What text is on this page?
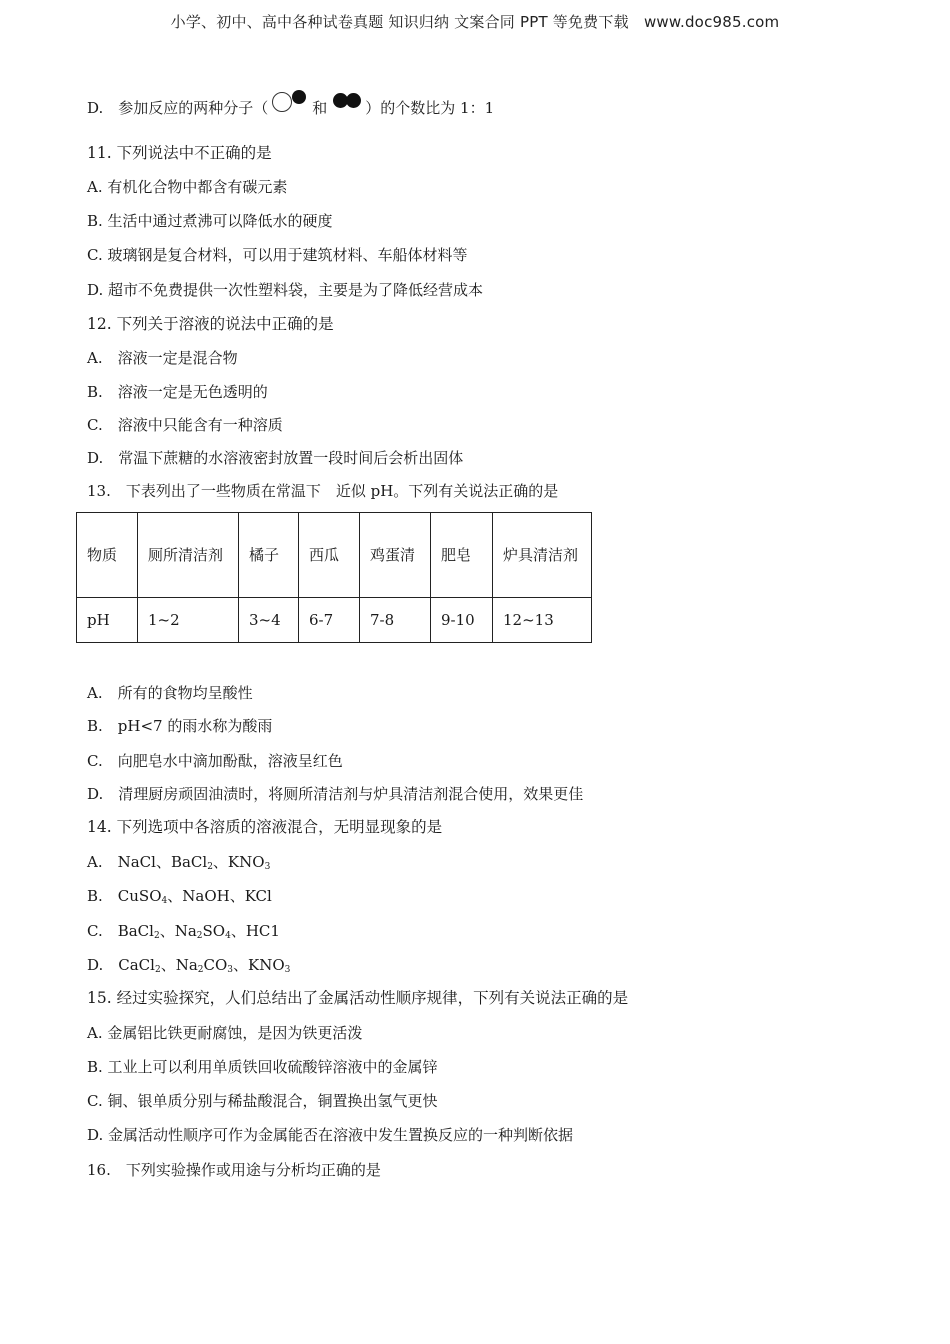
小学、初中、高中各种试卷真题 知识归纳 文案合同 PPT 等免费下载　www.doc985.com
D.　参加反应的两种分子（	和	）的个数比为 1：1
11. 下列说法中不正确的是
A. 有机化合物中都含有碳元素
B. 生活中通过煮沸可以降低水的硬度
C. 玻璃钢是复合材料，可以用于建筑材料、车船体材料等
D. 超市不免费提供一次性塑料袋，主要是为了降低经营成本
12. 下列关于溶液的说法中正确的是
A.　溶液一定是混合物
B.　溶液一定是无色透明的
C.　溶液中只能含有一种溶质
D.　常温下蔗糖的水溶液密封放置一段时间后会析出固体
13.　下表列出了一些物质在常温下　近似 pH。下列有关说法正确的是
物质	厕所清洁剂	橘子	西瓜	鸡蛋清	肥皂	炉具清洁剂
pH	1~2	3~4	6-7	7-8	9-10	12~13
A.　所有的食物均呈酸性
B.　pH<7 的雨水称为酸雨
C.　向肥皂水中滴加酚酞，溶液呈红色
D.　清理厨房顽固油渍时，将厕所清洁剂与炉具清洁剂混合使用，效果更佳
14. 下列选项中各溶质的溶液混合，无明显现象的是
A.　NaCl、BaCl$_2$、$KNO_3$
B.　CuSO$_4$、NaOH、KCl
C.　BaCl$_2$、$Na_2SO_4$、HC1
D.　CaCl$_2$、$Na_2CO_3$、$KNO_3$
15. 经过实验探究，人们总结出了金属活动性顺序规律，下列有关说法正确的是
A. 金属铝比铁更耐腐蚀，是因为铁更活泼
B. 工业上可以利用单质铁回收硫酸锌溶液中的金属锌
C. 铜、银单质分别与稀盐酸混合，铜置换出氢气更快
D. 金属活动性顺序可作为金属能否在溶液中发生置换反应的一种判断依据
16.　下列实验操作或用途与分析均正确的是
